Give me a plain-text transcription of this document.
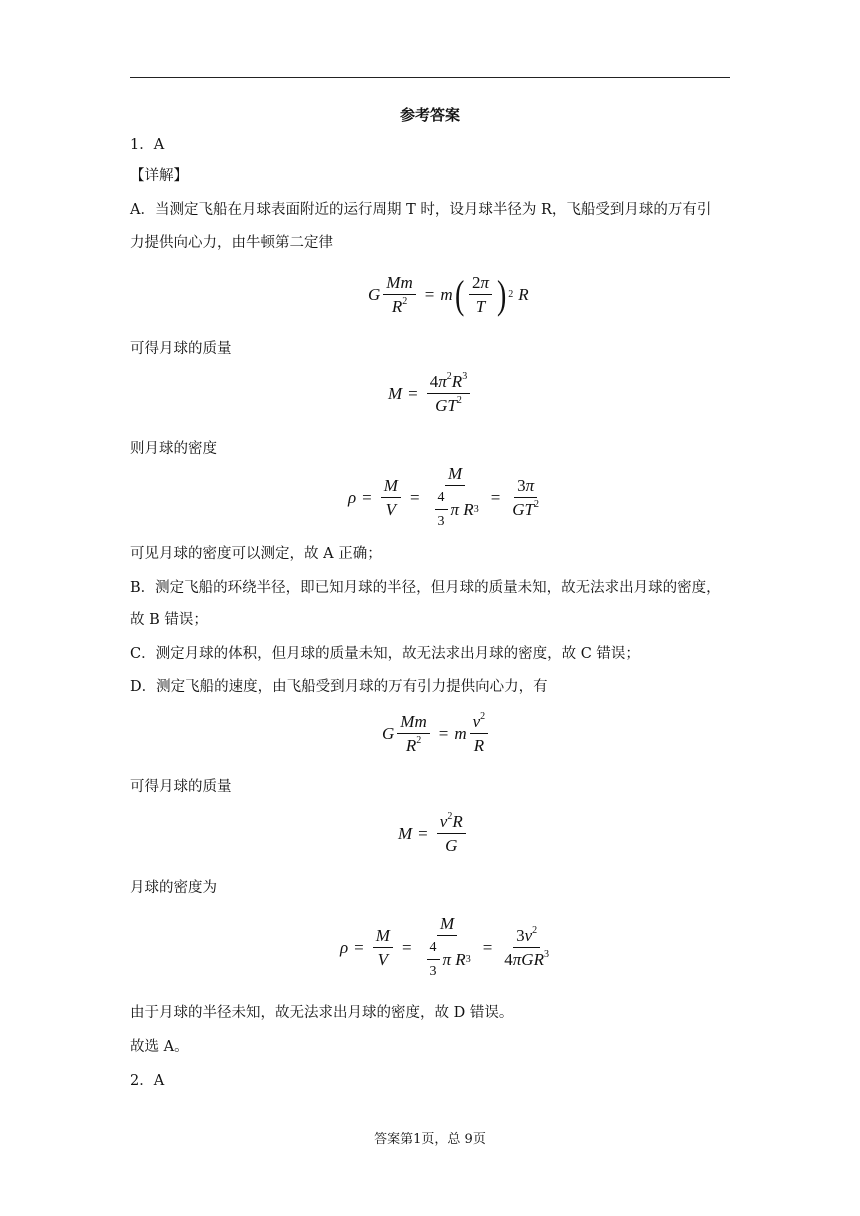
参考答案
1．A
【详解】
A．当测定飞船在月球表面附近的运行周期 T 时，设月球半径为 R，飞船受到月球的万有引
力提供向心力，由牛顿第二定律
G $\frac{Mm}{R^2} = m$ ( $\frac{2\pi}{T}$ ) 2 R
可得月球的质量
$M = \frac{4\pi^2R^3}{GT^2}$
则月球的密度
$\rho = \frac{M}{V} = \frac{M}{\frac{4}{3} \pi R 3} = \frac{3\pi}{GT^2}$
可见月球的密度可以测定，故 A 正确；
B．测定飞船的环绕半径，即已知月球的半径，但月球的质量未知，故无法求出月球的密度，
故 B 错误；
C．测定月球的体积，但月球的质量未知，故无法求出月球的密度，故 C 错误；
D．测定飞船的速度，由飞船受到月球的万有引力提供向心力，有
G $\frac{Mm}{R^2} = m \frac{v^2}{R}$
可得月球的质量
$M = \frac{v^2R}{G}$
月球的密度为
$\rho = \frac{M}{V} = \frac{M}{\frac{4}{3} \pi R 3} = \frac{3v^2}{4\pi GR^3}$
由于月球的半径未知，故无法求出月球的密度，故 D 错误。
故选 A。
2．A
答案第1页，总 9页
